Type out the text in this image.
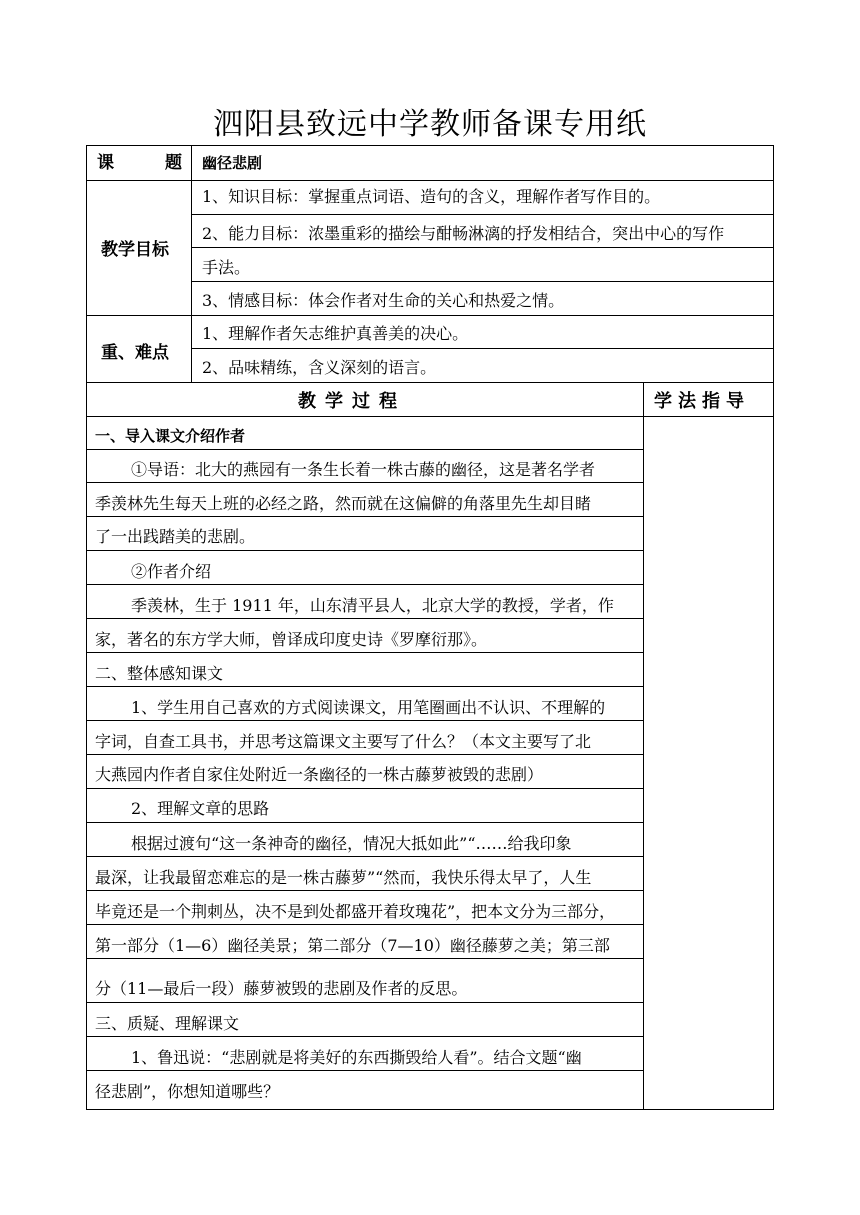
泗阳县致远中学教师备课专用纸
课	题 幽径悲剧
教学目标
1、知识目标：掌握重点词语、造句的含义，理解作者写作目的。
2、能力目标：浓墨重彩的描绘与酣畅淋漓的抒发相结合，突出中心的写作
手法。
3、情感目标：体会作者对生命的关心和热爱之情。
重、难点
1、理解作者矢志维护真善美的决心。
2、品味精练，含义深刻的语言。
教学过程	学法指导
一、导入课文介绍作者
①导语：北大的燕园有一条生长着一株古藤的幽径，这是著名学者
季羡林先生每天上班的必经之路，然而就在这偏僻的角落里先生却目睹
了一出践踏美的悲剧。
②作者介绍
季羡林，生于 1911 年，山东清平县人，北京大学的教授，学者，作
家，著名的东方学大师，曾译成印度史诗《罗摩衍那》。
二、整体感知课文
1、学生用自己喜欢的方式阅读课文，用笔圈画出不认识、不理解的
字词，自查工具书，并思考这篇课文主要写了什么？（本文主要写了北
大燕园内作者自家住处附近一条幽径的一株古藤萝被毁的悲剧）
2、理解文章的思路
根据过渡句“这一条神奇的幽径，情况大抵如此”“……给我印象
最深，让我最留恋难忘的是一株古藤萝”“然而，我快乐得太早了，人生
毕竟还是一个荆刺丛，决不是到处都盛开着玫瑰花”，把本文分为三部分，
第一部分（1—6）幽径美景；第二部分（7—10）幽径藤萝之美；第三部
分（11—最后一段）藤萝被毁的悲剧及作者的反思。
三、质疑、理解课文
1、鲁迅说：“悲剧就是将美好的东西撕毁给人看”。结合文题“幽
径悲剧”，你想知道哪些？
